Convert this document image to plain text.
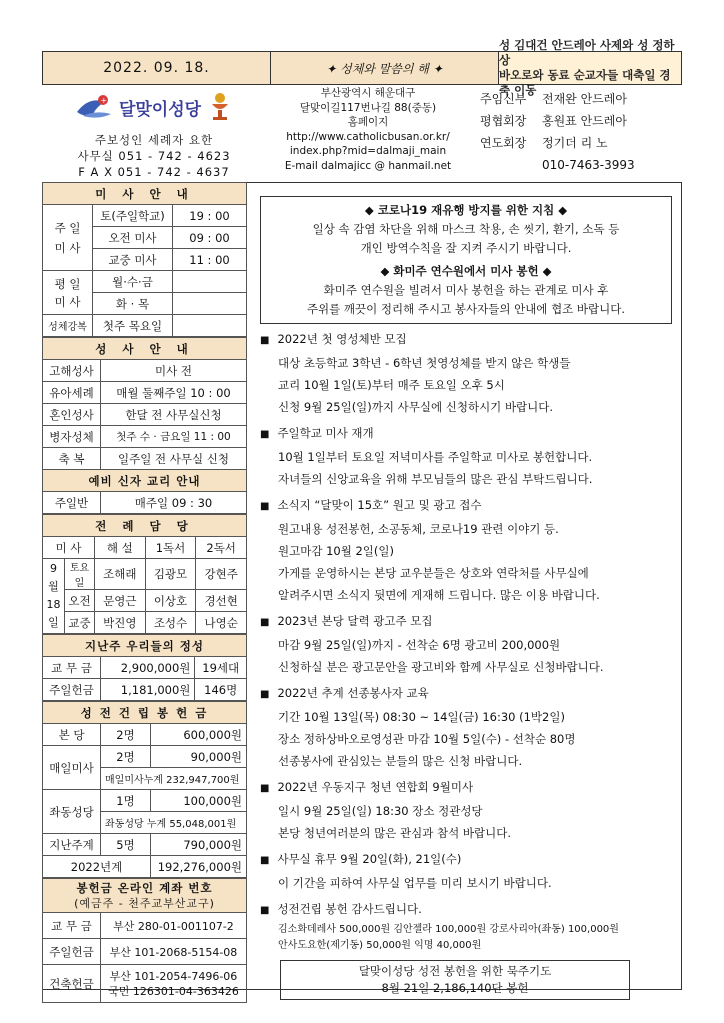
2022. 09. 18.	✦ 성체와 말씀의 해 ✦
성 김대건 안드레아 사제와 성 정하상
바오로와 동료 순교자들 대축일 경축 이동
+ 달맞이성당
주보성인 세례자 요한
사무실 051 - 742 - 4623
F A X 051 - 742 - 4637
부산광역시 해운대구
달맞이길117번나길 88(중동)
홈페이지
http://www.catholicbusan.or.kr/
index.php?mid=dalmaji_main
E-mail dalmajicc @ hanmail.net
주임신부	전재완 안드레아
평협회장	홍원표 안드레아
연도회장	정기더 리 노
010-7463-3993
미 사 안 내		
주 일
미 사	토(주일학교)	19 : 00
	오전 미사	09 : 00
	교중 미사	11 : 00
평 일
미 사	월·수·금	
	화 · 목	
성체강복	첫주 목요일	
성 사 안 내	
고해성사	미사 전
유아세례	매월 둘째주일 10 : 00
혼인성사	한달 전 사무실신청
병자성체	첫주 수 · 금요일 11 : 00
축 복	일주일 전 사무실 신청
예비 신자 교리 안내	
주일반	매주일 09 : 30
전 례 담 당				
미 사		해 설	1독서	2독서
9월
18일	토요일	조해래	김광모	강현주
	오전	문영근	이상호	경선현
	교중	박진영	조성수	나영순
지난주 우리들의 정성		
교 무 금	2,900,000원	19세대
주일헌금	1,181,000원	146명
성 전 건 립 봉 헌 금		
본 당	2명	600,000원
매일미사	2명	90,000원
	매일미사누계 232,947,700원	
좌동성당	1명	100,000원
	좌동성당 누계 55,048,001원	
지난주계	5명	790,000원
2022년계		192,276,000원
봉헌금 온라인 계좌 번호
(예금주 - 천주교부산교구)	

교 무 금	부산 280-01-001107-2
주일헌금	부산 101-2068-5154-08
건축헌금	부산 101-2054-7496-06
국민 126301-04-363426
◆ 코로나19 재유행 방지를 위한 지침 ◆
일상 속 감염 차단을 위해 마스크 착용, 손 씻기, 환기, 소독 등
개인 방역수칙을 잘 지켜 주시기 바랍니다.
◆ 화미주 연수원에서 미사 봉헌 ◆
화미주 연수원을 빌려서 미사 봉헌을 하는 관계로 미사 후
주위를 깨끗이 정리해 주시고 봉사자들의 안내에 협조 바랍니다.
■ 2022년 첫 영성체반 모집
대상 초등학교 3학년 - 6학년 첫영성체를 받지 않은 학생들
교리 10월 1일(토)부터 매주 토요일 오후 5시
신청 9월 25일(일)까지 사무실에 신청하시기 바랍니다.
■ 주일학교 미사 재개
10월 1일부터 토요일 저녁미사를 주일학교 미사로 봉헌합니다.
자녀들의 신앙교육을 위해 부모님들의 많은 관심 부탁드립니다.
■ 소식지 “달맞이 15호” 원고 및 광고 접수
원고내용 성전봉헌, 소공동체, 코로나19 관련 이야기 등.
원고마감 10월 2일(일)
가게를 운영하시는 본당 교우분들은 상호와 연락처를 사무실에
알려주시면 소식지 뒷면에 게재해 드립니다. 많은 이용 바랍니다.
■ 2023년 본당 달력 광고주 모집
마감 9월 25일(일)까지 - 선착순 6명 광고비 200,000원
신청하실 분은 광고문안을 광고비와 함께 사무실로 신청바랍니다.
■ 2022년 추계 선종봉사자 교육
기간 10월 13일(목) 08:30 ~ 14일(금) 16:30 (1박2일)
장소 정하상바오로영성관 마감 10월 5일(수) - 선착순 80명
선종봉사에 관심있는 분들의 많은 신청 바랍니다.
■ 2022년 우동지구 청년 연합회 9월미사
일시 9월 25일(일) 18:30 장소 정관성당
본당 청년여러분의 많은 관심과 참석 바랍니다.
■ 사무실 휴무 9월 20일(화), 21일(수)
이 기간을 피하여 사무실 업무를 미리 보시기 바랍니다.
■ 성전건립 봉헌 감사드립니다.
김소화데레사 500,000원 김안젤라 100,000원 강로사리아(좌동) 100,000원
안사도요한(제기동) 50,000원 익명 40,000원
달맞이성당 성전 봉헌을 위한 묵주기도
8월 21일 2,186,140단 봉헌
